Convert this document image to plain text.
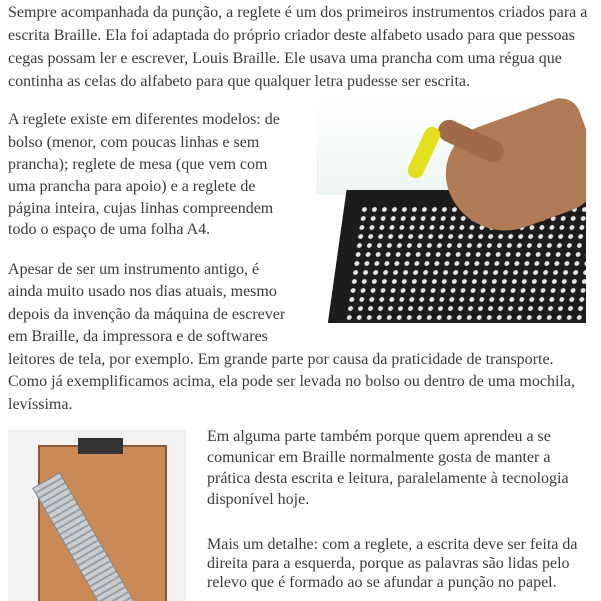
Sempre acompanhada da punção, a reglete é um dos primeiros instrumentos criados para a
escrita Braille. Ela foi adaptada do próprio criador deste alfabeto usado para que pessoas
cegas possam ler e escrever, Louis Braille. Ele usava uma prancha com uma régua que
continha as celas do alfabeto para que qualquer letra pudesse ser escrita.
A reglete existe em diferentes modelos: de
bolso (menor, com poucas linhas e sem
prancha); reglete de mesa (que vem com
uma prancha para apoio) e a reglete de
página inteira, cujas linhas compreendem
todo o espaço de uma folha A4.
Apesar de ser um instrumento antigo, é
ainda muito usado nos dias atuais, mesmo
depois da invenção da máquina de escrever
em Braille, da impressora e de softwares
leitores de tela, por exemplo. Em grande parte por causa da praticidade de transporte.
Como já exemplificamos acima, ela pode ser levada no bolso ou dentro de uma mochila,
levíssima.
Em alguma parte também porque quem aprendeu a se
comunicar em Braille normalmente gosta de manter a
prática desta escrita e leitura, paralelamente à tecnologia
disponível hoje.
Mais um detalhe: com a reglete, a escrita deve ser feita da
direita para a esquerda, porque as palavras são lidas pelo
relevo que é formado ao se afundar a punção no papel.
